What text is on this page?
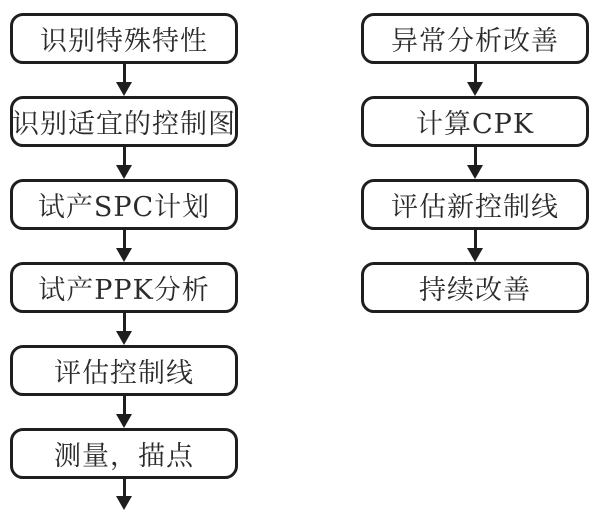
识别特殊特性
识别适宜的控制图
试产SPC计划
试产PPK分析
评估控制线
测量，描点
异常分析改善
计算CPK
评估新控制线
持续改善
